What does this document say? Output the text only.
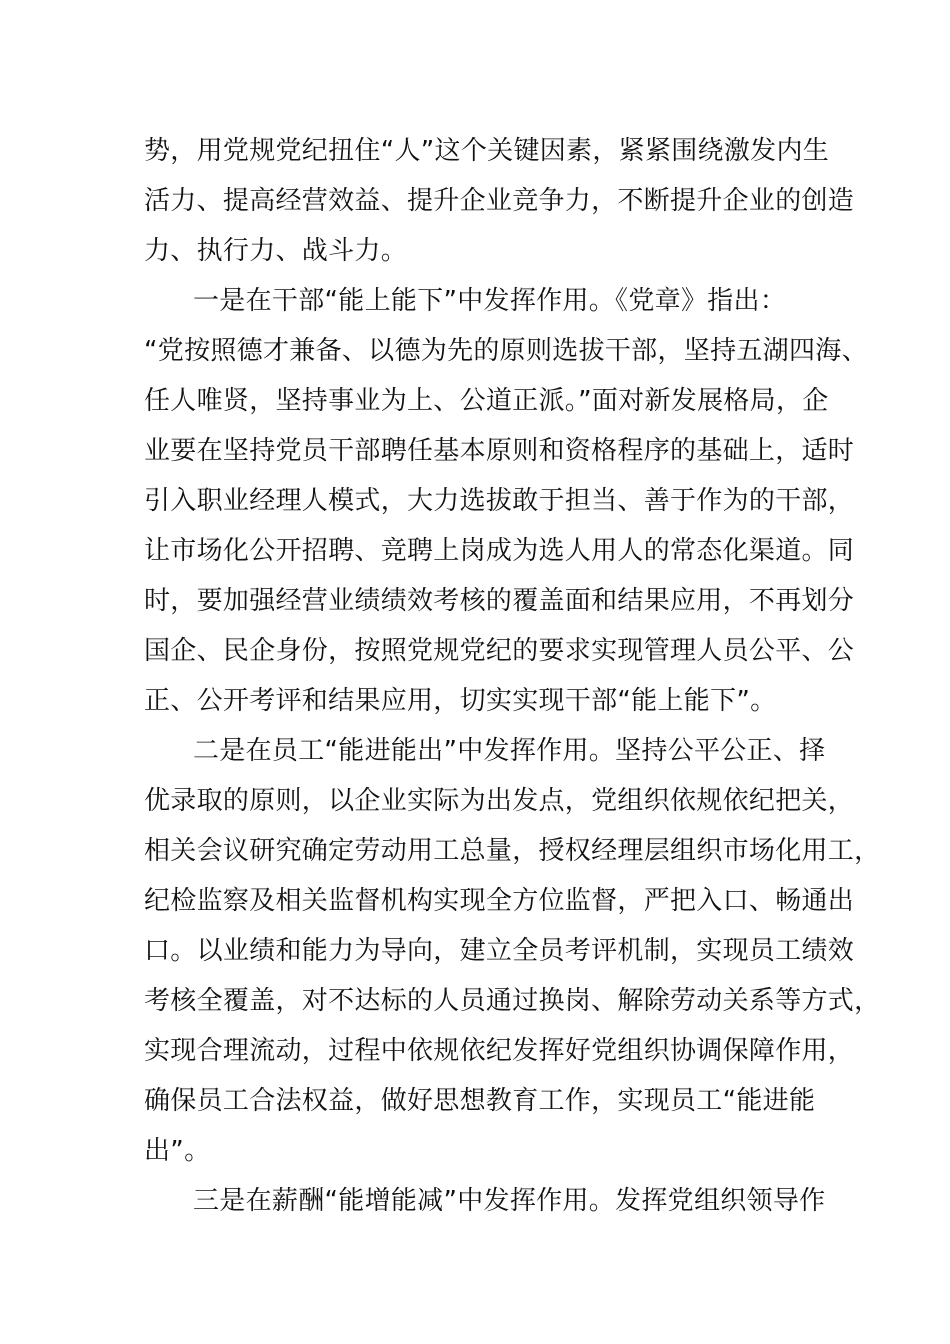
势，用党规党纪扭住“人”这个关键因素，紧紧围绕激发内生
活力、提高经营效益、提升企业竞争力，不断提升企业的创造
力、执行力、战斗力。
一是在干部“能上能下”中发挥作用。《党章》指出：
“党按照德才兼备、以德为先的原则选拔干部，坚持五湖四海、
任人唯贤，坚持事业为上、公道正派。”面对新发展格局，企
业要在坚持党员干部聘任基本原则和资格程序的基础上，适时
引入职业经理人模式，大力选拔敢于担当、善于作为的干部，
让市场化公开招聘、竞聘上岗成为选人用人的常态化渠道。同
时，要加强经营业绩绩效考核的覆盖面和结果应用，不再划分
国企、民企身份，按照党规党纪的要求实现管理人员公平、公
正、公开考评和结果应用，切实实现干部“能上能下”。
二是在员工“能进能出”中发挥作用。坚持公平公正、择
优录取的原则，以企业实际为出发点，党组织依规依纪把关，
相关会议研究确定劳动用工总量，授权经理层组织市场化用工，
纪检监察及相关监督机构实现全方位监督，严把入口、畅通出
口。以业绩和能力为导向，建立全员考评机制，实现员工绩效
考核全覆盖，对不达标的人员通过换岗、解除劳动关系等方式，
实现合理流动，过程中依规依纪发挥好党组织协调保障作用，
确保员工合法权益，做好思想教育工作，实现员工“能进能
出”。
三是在薪酬“能增能减”中发挥作用。发挥党组织领导作
